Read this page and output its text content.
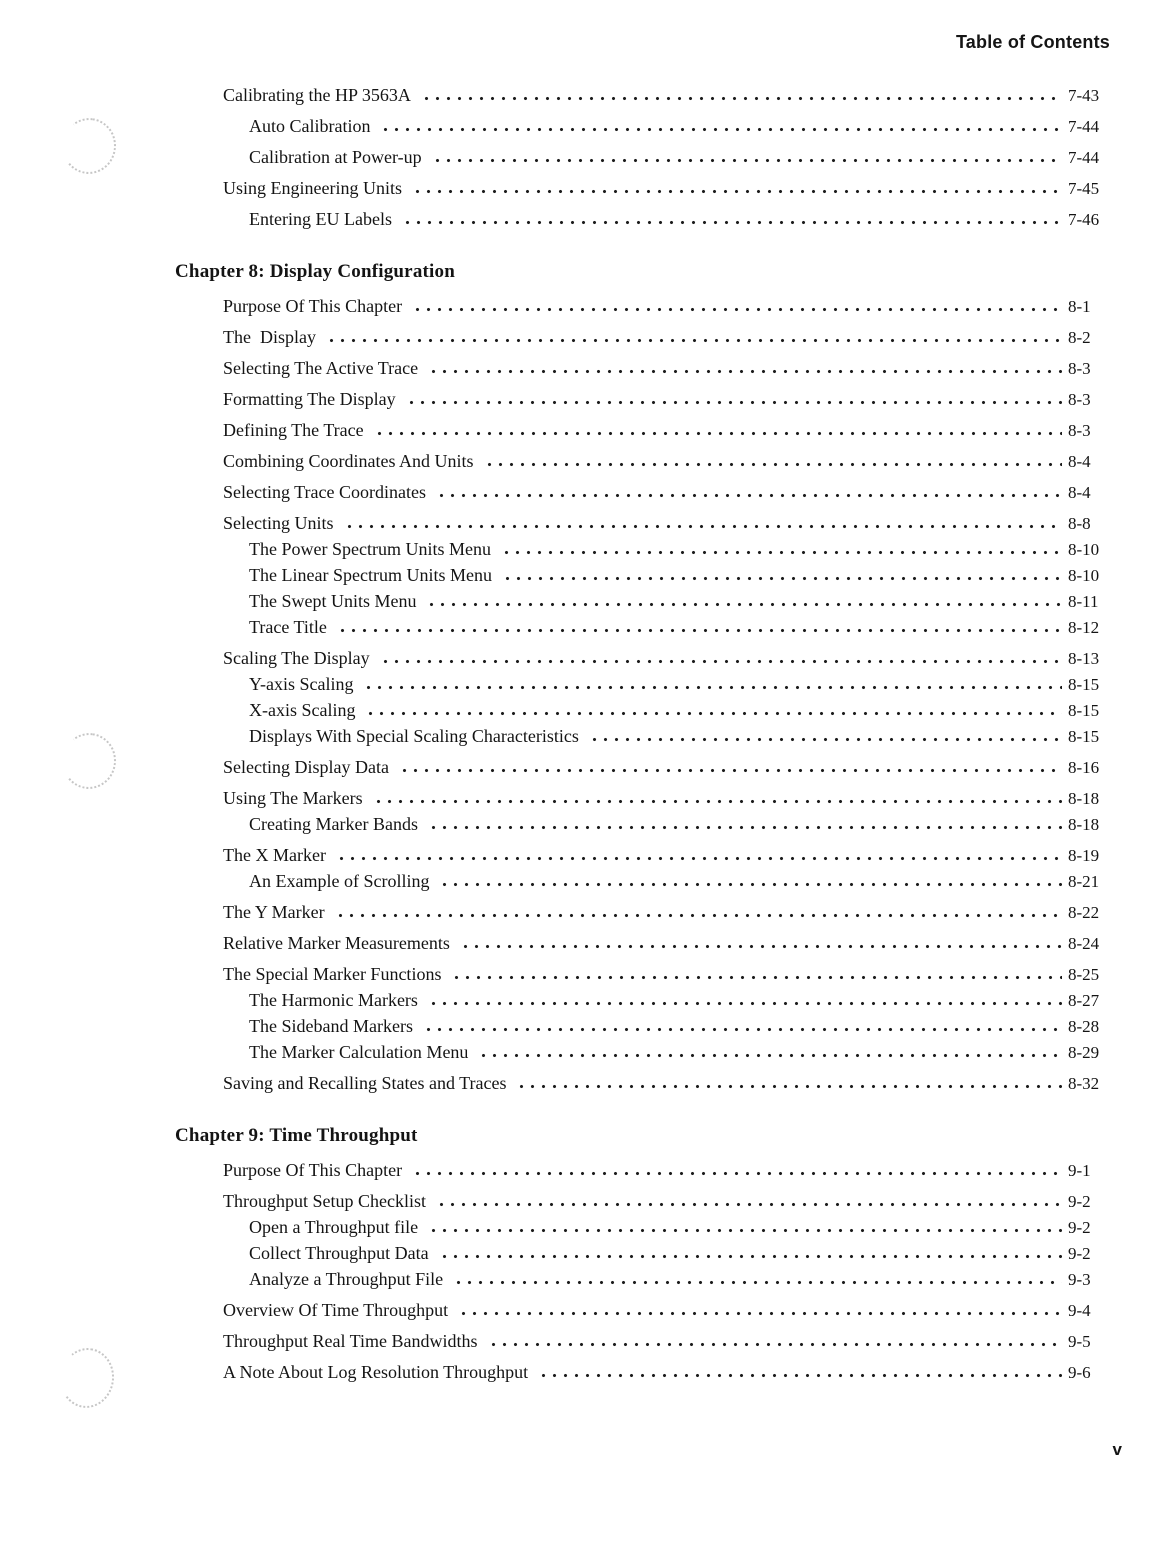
Table of Contents
Calibrating the HP 3563A	7-43
Auto Calibration	7-44
Calibration at Power-up	7-44
Using Engineering Units	7-45
Entering EU Labels	7-46
Chapter 8: Display Configuration
Purpose Of This Chapter	8-1
The  Display	8-2
Selecting The Active Trace	8-3
Formatting The Display	8-3
Defining The Trace	8-3
Combining Coordinates And Units	8-4
Selecting Trace Coordinates	8-4
Selecting Units	8-8
The Power Spectrum Units Menu	8-10
The Linear Spectrum Units Menu	8-10
The Swept Units Menu	8-11
Trace Title	8-12
Scaling The Display	8-13
Y-axis Scaling	8-15
X-axis Scaling	8-15
Displays With Special Scaling Characteristics	8-15
Selecting Display Data	8-16
Using The Markers	8-18
Creating Marker Bands	8-18
The X Marker	8-19
An Example of Scrolling	8-21
The Y Marker	8-22
Relative Marker Measurements	8-24
The Special Marker Functions	8-25
The Harmonic Markers	8-27
The Sideband Markers	8-28
The Marker Calculation Menu	8-29
Saving and Recalling States and Traces	8-32
Chapter 9: Time Throughput
Purpose Of This Chapter	9-1
Throughput Setup Checklist	9-2
Open a Throughput file	9-2
Collect Throughput Data	9-2
Analyze a Throughput File	9-3
Overview Of Time Throughput	9-4
Throughput Real Time Bandwidths	9-5
A Note About Log Resolution Throughput	9-6
v
